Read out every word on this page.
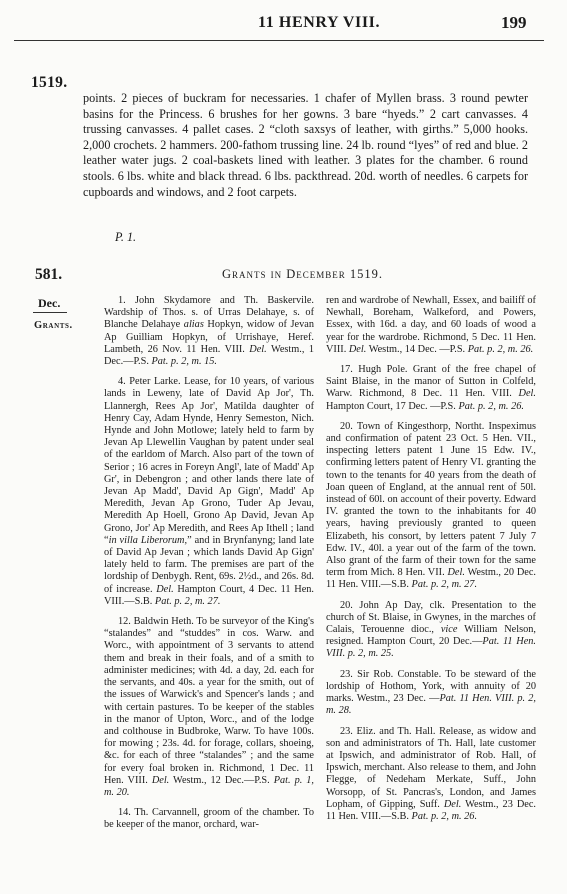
1519.
11 HENRY VIII.	199

points. 2 pieces of buckram for necessaries. 1 chafer of Myllen brass. 3 round pewter basins for the Princess. 6 brushes for her gowns. 3 bare “hyeds.” 2 cart canvasses. 4 trussing canvasses. 4 pallet cases. 2 “cloth saxsys of leather, with girths.” 5,000 hooks. 2,000 crochets. 2 hammers. 200-fathom trussing line. 24 lb. round “lyes” of red and blue. 2 leather water jugs. 2 coal-baskets lined with leather. 3 plates for the chamber. 6 round stools. 6 lbs. white and black thread. 6 lbs. packthread. 20d. worth of needles. 6 carpets for cupboards and windows, and 2 foot carpets.

P. 1.
581.	Grants in December 1519.
Dec.
Grants.

1. John Skydamore and Th. Baskervile. Wardship of Thos. s. of Urras Delahaye, s. of Blanche Delahaye alias Hopkyn, widow of Jevan Ap Guilliam Hopkyn, of Urrishaye, Heref. Lambeth, 26 Nov. 11 Hen. VIII. Del. Westm., 1 Dec.—P.S. Pat. p. 2, m. 15.

4. Peter Larke. Lease, for 10 years, of various lands in Leweny, late of David Ap Jor', Th. Llannergh, Rees Ap Jor', Matilda daughter of Henry Cay, Adam Hynde, Henry Semeston, Nich. Hynde and John Motlowe; lately held to farm by Jevan Ap Llewellin Vaughan by patent under seal of the earldom of March. Also part of the town of Serior ; 16 acres in Foreyn Angl', late of Madd' Ap Gr', in Debengron ; and other lands there late of Jevan Ap Madd', David Ap Gign', Madd' Ap Meredith, Jevan Ap Grono, Tuder Ap Jevau, Meredith Ap Hoell, Grono Ap David, Jevan Ap Grono, Jor' Ap Meredith, and Rees Ap Ithell ; land “in villa Liberorum,” and in Brynfanyng; land late of David Ap Jevan ; which lands David Ap Gign' lately held to farm. The premises are part of the lordship of Denbygh. Rent, 69s. 2½d., and 26s. 8d. of increase. Del. Hampton Court, 4 Dec. 11 Hen. VIII.—S.B. Pat. p. 2, m. 27.

12. Baldwin Heth. To be surveyor of the King's “stalandes” and “studdes” in cos. Warw. and Worc., with appointment of 3 servants to attend them and break in their foals, and of a smith to administer medicines; with 4d. a day, 2d. each for the servants, and 40s. a year for the smith, out of the issues of Warwick's and Spencer's lands ; and with certain pastures. To be keeper of the stables in the manor of Upton, Worc., and of the lodge and colthouse in Budbroke, Warw. To have 100s. for mowing ; 23s. 4d. for forage, collars, shoeing, &c. for each of three “stalandes” ; and the same for every foal broken in. Richmond, 1 Dec. 11 Hen. VIII. Del. Westm., 12 Dec.—P.S. Pat. p. 1, m. 20.

14. Th. Carvannell, groom of the chamber. To be keeper of the manor, orchard, war-

ren and wardrobe of Newhall, Essex, and bailiff of Newhall, Boreham, Walkeford, and Powers, Essex, with 16d. a day, and 60 loads of wood a year for the wardrobe. Richmond, 5 Dec. 11 Hen. VIII. Del. Westm., 14 Dec. —P.S. Pat. p. 2, m. 26.

17. Hugh Pole. Grant of the free chapel of Saint Blaise, in the manor of Sutton in Colfeld, Warw. Richmond, 8 Dec. 11 Hen. VIII. Del. Hampton Court, 17 Dec. —P.S. Pat. p. 2, m. 26.

20. Town of Kingesthorp, Northt. Inspeximus and confirmation of patent 23 Oct. 5 Hen. VII., inspecting letters patent 1 June 15 Edw. IV., confirming letters patent of Henry VI. granting the town to the tenants for 40 years from the death of Joan queen of England, at the annual rent of 50l. instead of 60l. on account of their poverty. Edward IV. granted the town to the inhabitants for 40 years, having previously granted to queen Elizabeth, his consort, by letters patent 7 July 7 Edw. IV., 40l. a year out of the farm of the town. Also grant of the farm of their town for the same term from Mich. 8 Hen. VII. Del. Westm., 20 Dec. 11 Hen. VIII.—S.B. Pat. p. 2, m. 27.

20. John Ap Day, clk. Presentation to the church of St. Blaise, in Gwynes, in the marches of Calais, Terouenne dioc., vice William Nelson, resigned. Hampton Court, 20 Dec.—Pat. 11 Hen. VIII. p. 2, m. 25.

23. Sir Rob. Constable. To be steward of the lordship of Hothom, York, with annuity of 20 marks. Westm., 23 Dec. —Pat. 11 Hen. VIII. p. 2, m. 28.

23. Eliz. and Th. Hall. Release, as widow and son and administrators of Th. Hall, late customer at Ipswich, and administrator of Rob. Hall, of Ipswich, merchant. Also release to them, and John Flegge, of Nedeham Merkate, Suff., John Worsopp, of St. Pancras's, London, and James Lopham, of Gipping, Suff. Del. Westm., 23 Dec. 11 Hen. VIII.—S.B. Pat. p. 2, m. 26.
